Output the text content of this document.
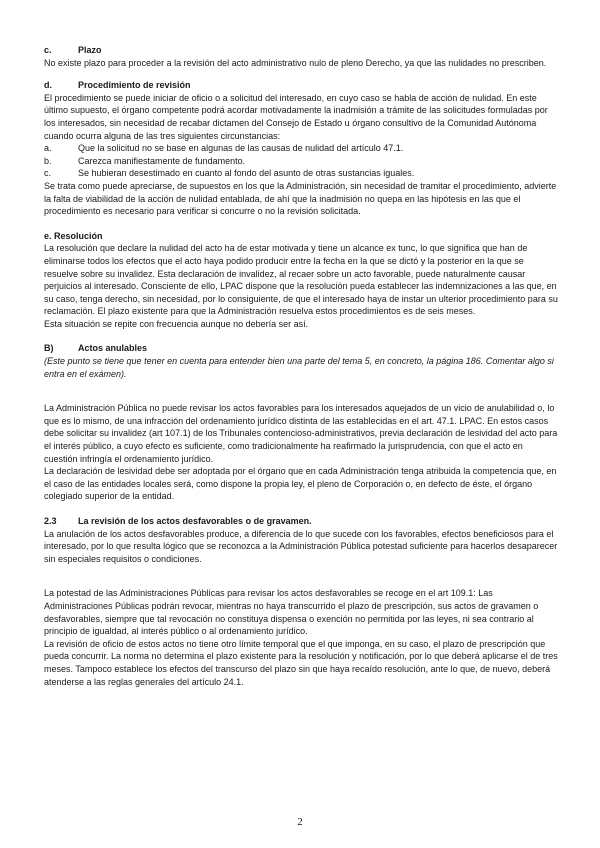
c.	Plazo

No existe plazo para proceder a la revisión del acto administrativo nulo de pleno Derecho, ya que las nulidades no prescriben.

d.	Procedimiento de revisión

El procedimiento se puede iniciar de oficio o a solicitud del interesado, en cuyo caso se habla de acción de nulidad. En este último supuesto, el órgano competente podrá acordar motivadamente la inadmisión a trámite de las solicitudes formuladas por los interesados, sin necesidad de recabar dictamen del Consejo de Estado u órgano consultivo de la Comunidad Autónoma cuando ocurra alguna de las tres siguientes circunstancias:

a.	Que la solicitud no se base en algunas de las causas de nulidad del artículo 47.1.
b.	Carezca manifiestamente de fundamento.
c.	Se hubieran desestimado en cuanto al fondo del asunto de otras sustancias iguales.

Se trata como puede apreciarse, de supuestos en los que la Administración, sin necesidad de tramitar el procedimiento, advierte la falta de viabilidad de la acción de nulidad entablada, de ahí que la inadmisión no quepa en las hipótesis en las que el procedimiento es necesario para verificar si concurre o no la revisión solicitada.

e. Resolución

La resolución que declare la nulidad del acto ha de estar motivada y tiene un alcance ex tunc, lo que significa que han de eliminarse todos los efectos que el acto haya podido producir entre la fecha en la que se dictó y la posterior en la que se resuelve sobre su invalidez. Esta declaración de invalidez, al recaer sobre un acto favorable, puede naturalmente causar perjuicios al interesado. Consciente de ello, LPAC dispone que la resolución pueda establecer las indemnizaciones a las que, en su caso, tenga derecho, sin necesidad, por lo consiguiente, de que el interesado haya de instar un ulterior procedimiento para su reclamación. El plazo existente para que la Administración resuelva estos procedimientos es de seis meses.

Esta situación se repite con frecuencia aunque no debería ser así.

B)	Actos anulables

(Este punto se tiene que tener en cuenta para entender bien una parte del tema 5, en concreto, la página 186. Comentar algo si entra en el exámen).

La Administración Pública no puede revisar los actos favorables para los interesados aquejados de un vicio de anulabilidad o, lo que es lo mismo, de una infracción del ordenamiento jurídico distinta de las establecidas en el art. 47.1. LPAC. En estos casos debe solicitar su invalidez (art 107.1) de los Tribunales contencioso-administrativos, previa declaración de lesividad del acto para el interés público, a cuyo efecto es suficiente, como tradicionalmente ha reafirmado la jurisprudencia, con que el acto en cuestión infringía el ordenamiento jurídico.

La declaración de lesividad debe ser adoptada por el órgano que en cada Administración tenga atribuida la competencia que, en el caso de las entidades locales será, como dispone la propia ley, el pleno de Corporación o, en defecto de éste, el órgano colegiado superior de la entidad.

2.3	La revisión de los actos desfavorables o de gravamen.

La anulación de los actos desfavorables produce, a diferencia de lo que sucede con los favorables, efectos beneficiosos para el interesado, por lo que resulta lógico que se reconozca a la Administración Pública potestad suficiente para hacerlos desaparecer sin especiales requisitos o condiciones.

La potestad de las Administraciones Públicas para revisar los actos desfavorables se recoge en el art 109.1: Las Administraciones Públicas podrán revocar, mientras no haya transcurrido el plazo de prescripción, sus actos de gravamen o desfavorables, siempre que tal revocación no constituya dispensa o exención no permitida por las leyes, ni sea contrario al principio de igualdad, al interés público o al ordenamiento jurídico.

La revisión de oficio de estos actos no tiene otro límite temporal que el que imponga, en su caso, el plazo de prescripción que pueda concurrir. La norma no determina el plazo existente para la resolución y notificación, por lo que deberá aplicarse el de tres meses. Tampoco establece los efectos del transcurso del plazo sin que haya recaído resolución, ante lo que, de nuevo, deberá atenderse a las reglas generales del artículo 24.1.

2
